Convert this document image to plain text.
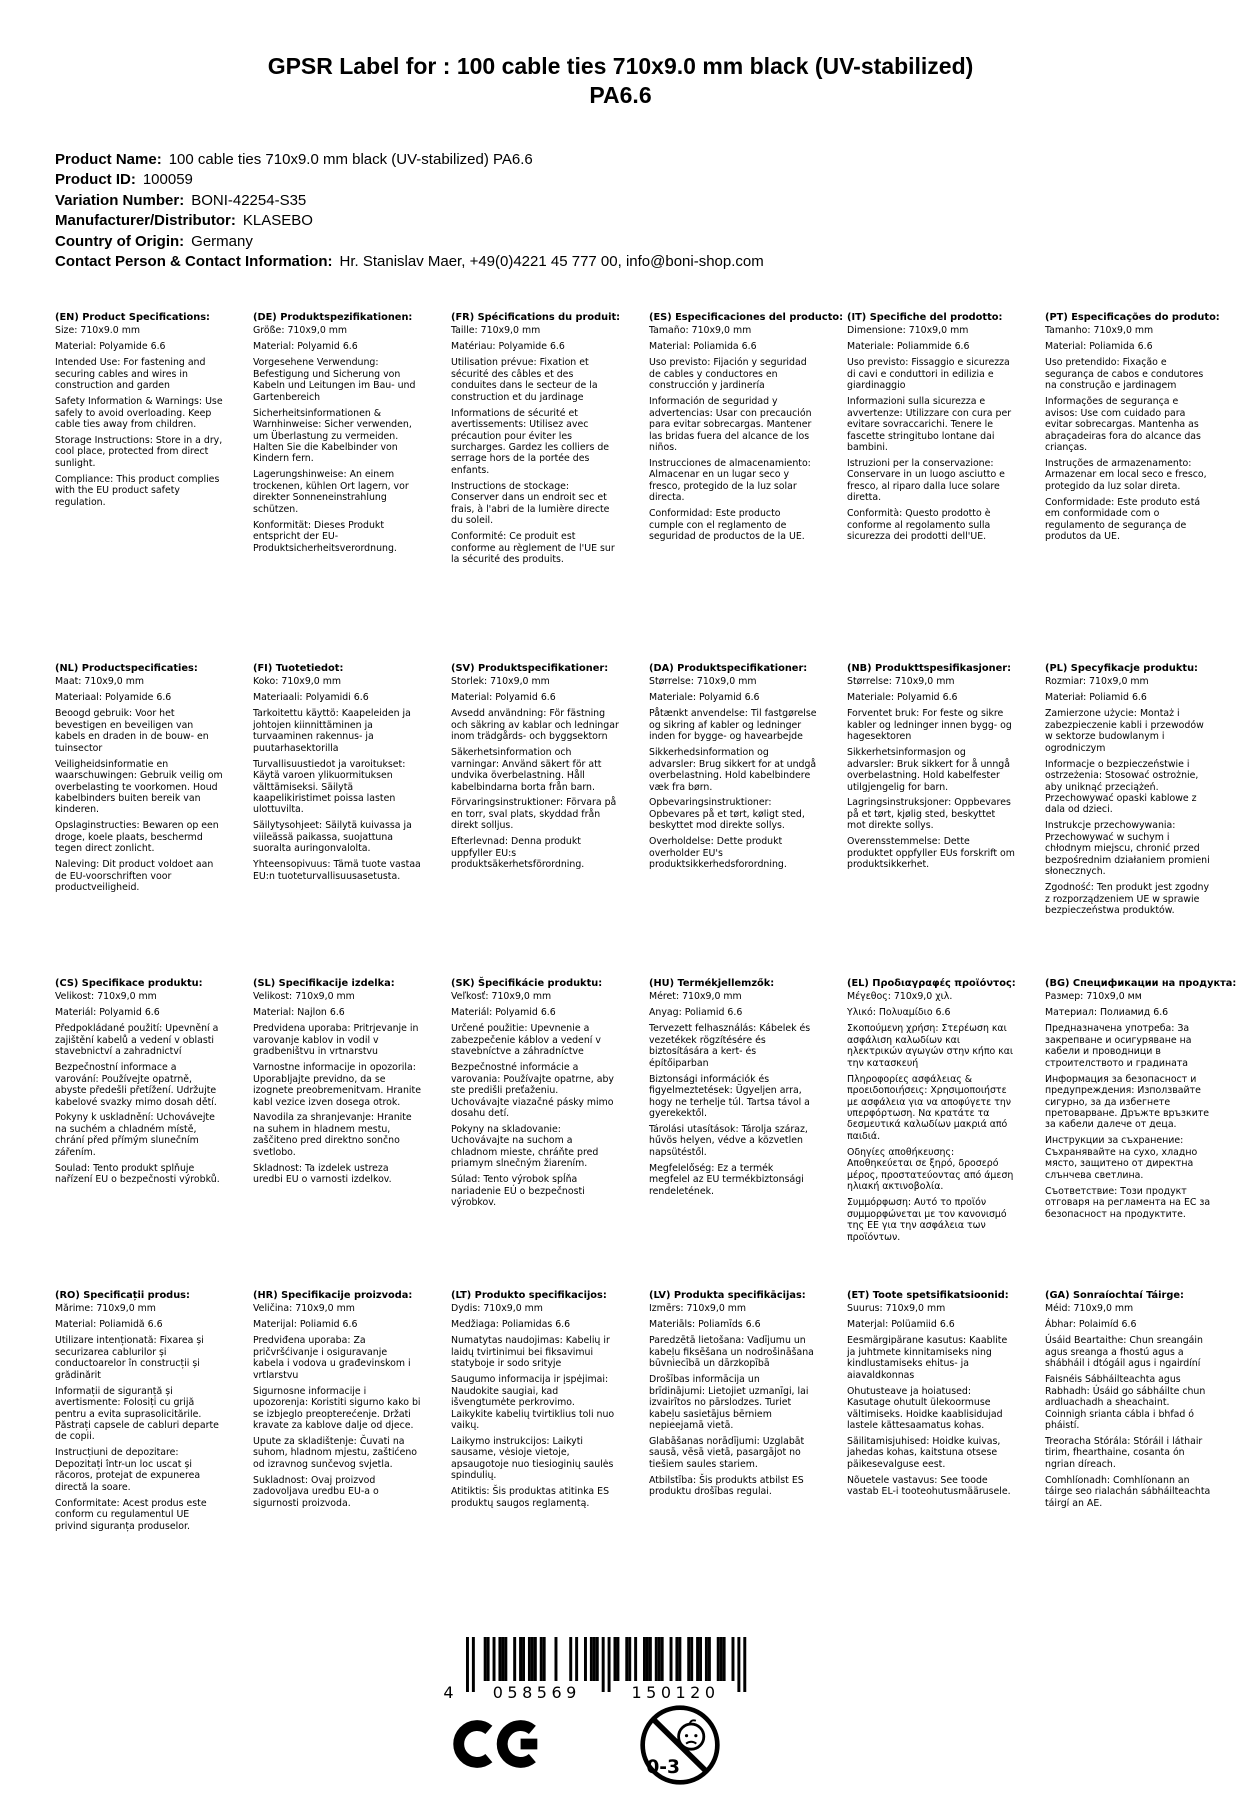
GPSR Label for : 100 cable ties 710x9.0 mm black (UV-stabilized)
PA6.6
Product Name: 100 cable ties 710x9.0 mm black (UV-stabilized) PA6.6
Product ID: 100059
Variation Number: BONI-42254-S35
Manufacturer/Distributor: KLASEBO
Country of Origin: Germany
Contact Person & Contact Information: Hr. Stanislav Maer, +49(0)4221 45 777 00, info@boni-shop.com
(EN) Product Specifications:

Size: 710x9.0 mm

Material: Polyamide 6.6

Intended Use: For fastening and securing cables and wires in construction and garden

Safety Information & Warnings: Use safely to avoid overloading. Keep cable ties away from children.

Storage Instructions: Store in a dry, cool place, protected from direct sunlight.

Compliance: This product complies with the EU product safety regulation.

(DE) Produktspezifikationen:

Größe: 710x9,0 mm

Material: Polyamid 6.6

Vorgesehene Verwendung: Befestigung und Sicherung von Kabeln und Leitungen im Bau- und Gartenbereich

Sicherheitsinformationen & Warnhinweise: Sicher verwenden, um Überlastung zu vermeiden. Halten Sie die Kabelbinder von Kindern fern.

Lagerungshinweise: An einem trockenen, kühlen Ort lagern, vor direkter Sonneneinstrahlung schützen.

Konformität: Dieses Produkt entspricht der EU-Produktsicherheitsverordnung.

(FR) Spécifications du produit:

Taille: 710x9,0 mm

Matériau: Polyamide 6.6

Utilisation prévue: Fixation et sécurité des câbles et des conduites dans le secteur de la construction et du jardinage

Informations de sécurité et avertissements: Utilisez avec précaution pour éviter les surcharges. Gardez les colliers de serrage hors de la portée des enfants.

Instructions de stockage: Conserver dans un endroit sec et frais, à l'abri de la lumière directe du soleil.

Conformité: Ce produit est conforme au règlement de l'UE sur la sécurité des produits.

(ES) Especificaciones del producto:

Tamaño: 710x9,0 mm

Material: Poliamida 6.6

Uso previsto: Fijación y seguridad de cables y conductores en construcción y jardinería

Información de seguridad y advertencias: Usar con precaución para evitar sobrecargas. Mantener las bridas fuera del alcance de los niños.

Instrucciones de almacenamiento: Almacenar en un lugar seco y fresco, protegido de la luz solar directa.

Conformidad: Este producto cumple con el reglamento de seguridad de productos de la UE.

(IT) Specifiche del prodotto:

Dimensione: 710x9,0 mm

Materiale: Poliammide 6.6

Uso previsto: Fissaggio e sicurezza di cavi e conduttori in edilizia e giardinaggio

Informazioni sulla sicurezza e avvertenze: Utilizzare con cura per evitare sovraccarichi. Tenere le fascette stringitubo lontane dai bambini.

Istruzioni per la conservazione: Conservare in un luogo asciutto e fresco, al riparo dalla luce solare diretta.

Conformità: Questo prodotto è conforme al regolamento sulla sicurezza dei prodotti dell'UE.

(PT) Especificações do produto:

Tamanho: 710x9,0 mm

Material: Poliamida 6.6

Uso pretendido: Fixação e segurança de cabos e condutores na construção e jardinagem

Informações de segurança e avisos: Use com cuidado para evitar sobrecargas. Mantenha as abraçadeiras fora do alcance das crianças.

Instruções de armazenamento: Armazenar em local seco e fresco, protegido da luz solar direta.

Conformidade: Este produto está em conformidade com o regulamento de segurança de produtos da UE.

(NL) Productspecificaties:

Maat: 710x9,0 mm

Materiaal: Polyamide 6.6

Beoogd gebruik: Voor het bevestigen en beveiligen van kabels en draden in de bouw- en tuinsector

Veiligheidsinformatie en waarschuwingen: Gebruik veilig om overbelasting te voorkomen. Houd kabelbinders buiten bereik van kinderen.

Opslaginstructies: Bewaren op een droge, koele plaats, beschermd tegen direct zonlicht.

Naleving: Dit product voldoet aan de EU-voorschriften voor productveiligheid.

(FI) Tuotetiedot:

Koko: 710x9,0 mm

Materiaali: Polyamidi 6.6

Tarkoitettu käyttö: Kaapeleiden ja johtojen kiinnittäminen ja turvaaminen rakennus- ja puutarhasektorilla

Turvallisuustiedot ja varoitukset: Käytä varoen ylikuormituksen välttämiseksi. Säilytä kaapelikiristimet poissa lasten ulottuvilta.

Säilytysohjeet: Säilytä kuivassa ja viileässä paikassa, suojattuna suoralta auringonvalolta.

Yhteensopivuus: Tämä tuote vastaa EU:n tuoteturvallisuusasetusta.

(SV) Produktspecifikationer:

Storlek: 710x9,0 mm

Material: Polyamid 6.6

Avsedd användning: För fästning och säkring av kablar och ledningar inom trädgårds- och byggsektorn

Säkerhetsinformation och varningar: Använd säkert för att undvika överbelastning. Håll kabelbindarna borta från barn.

Förvaringsinstruktioner: Förvara på en torr, sval plats, skyddad från direkt solljus.

Efterlevnad: Denna produkt uppfyller EU:s produktsäkerhetsförordning.

(DA) Produktspecifikationer:

Størrelse: 710x9,0 mm

Materiale: Polyamid 6.6

Påtænkt anvendelse: Til fastgørelse og sikring af kabler og ledninger inden for bygge- og havearbejde

Sikkerhedsinformation og advarsler: Brug sikkert for at undgå overbelastning. Hold kabelbindere væk fra børn.

Opbevaringsinstruktioner: Opbevares på et tørt, køligt sted, beskyttet mod direkte sollys.

Overholdelse: Dette produkt overholder EU's produktsikkerhedsforordning.

(NB) Produkttspesifikasjoner:

Størrelse: 710x9,0 mm

Materiale: Polyamid 6.6

Forventet bruk: For feste og sikre kabler og ledninger innen bygg- og hagesektoren

Sikkerhetsinformasjon og advarsler: Bruk sikkert for å unngå overbelastning. Hold kabelfester utilgjengelig for barn.

Lagringsinstruksjoner: Oppbevares på et tørt, kjølig sted, beskyttet mot direkte sollys.

Overensstemmelse: Dette produktet oppfyller EUs forskrift om produktsikkerhet.

(PL) Specyfikacje produktu:

Rozmiar: 710x9,0 mm

Materiał: Poliamid 6.6

Zamierzone użycie: Montaż i zabezpieczenie kabli i przewodów w sektorze budowlanym i ogrodniczym

Informacje o bezpieczeństwie i ostrzeżenia: Stosować ostrożnie, aby uniknąć przeciążeń. Przechowywać opaski kablowe z dala od dzieci.

Instrukcje przechowywania: Przechowywać w suchym i chłodnym miejscu, chronić przed bezpośrednim działaniem promieni słonecznych.

Zgodność: Ten produkt jest zgodny z rozporządzeniem UE w sprawie bezpieczeństwa produktów.

(CS) Specifikace produktu:

Velikost: 710x9,0 mm

Materiál: Polyamid 6.6

Předpokládané použití: Upevnění a zajištění kabelů a vedení v oblasti stavebnictví a zahradnictví

Bezpečnostní informace a varování: Používejte opatrně, abyste předešli přetížení. Udržujte kabelové svazky mimo dosah dětí.

Pokyny k uskladnění: Uchovávejte na suchém a chladném místě, chrání před přímým slunečním zářením.

Soulad: Tento produkt splňuje nařízení EU o bezpečnosti výrobků.

(SL) Specifikacije izdelka:

Velikost: 710x9,0 mm

Material: Najlon 6.6

Predvidena uporaba: Pritrjevanje in varovanje kablov in vodil v gradbeništvu in vrtnarstvu

Varnostne informacije in opozorila: Uporabljajte previdno, da se izognete preobremenitvam. Hranite kabl vezice izven dosega otrok.

Navodila za shranjevanje: Hranite na suhem in hladnem mestu, zaščiteno pred direktno sončno svetlobo.

Skladnost: Ta izdelek ustreza uredbi EU o varnosti izdelkov.

(SK) Špecifikácie produktu:

Veľkosť: 710x9,0 mm

Materiál: Polyamid 6.6

Určené použitie: Upevnenie a zabezpečenie káblov a vedení v stavebníctve a záhradníctve

Bezpečnostné informácie a varovania: Používajte opatrne, aby ste predišli preťaženiu. Uchovávajte viazačné pásky mimo dosahu detí.

Pokyny na skladovanie: Uchovávajte na suchom a chladnom mieste, chráňte pred priamym slnečným žiarením.

Súlad: Tento výrobok spĺňa nariadenie EÚ o bezpečnosti výrobkov.

(HU) Termékjellemzők:

Méret: 710x9,0 mm

Anyag: Poliamid 6.6

Tervezett felhasználás: Kábelek és vezetékek rögzítésére és biztosítására a kert- és építőiparban

Biztonsági információk és figyelmeztetések: Ügyeljen arra, hogy ne terhelje túl. Tartsa távol a gyerekektől.

Tárolási utasítások: Tárolja száraz, hűvös helyen, védve a közvetlen napsütéstől.

Megfelelőség: Ez a termék megfelel az EU termékbiztonsági rendeletének.

(EL) Προδιαγραφές προϊόντος:

Μέγεθος: 710x9,0 χιλ.

Υλικό: Πολυαμίδιο 6.6

Σκοπούμενη χρήση: Στερέωση και ασφάλιση καλωδίων και ηλεκτρικών αγωγών στην κήπο και την κατασκευή

Πληροφορίες ασφάλειας & προειδοποιήσεις: Χρησιμοποιήστε με ασφάλεια για να αποφύγετε την υπερφόρτωση. Να κρατάτε τα δεσμευτικά καλωδίων μακριά από παιδιά.

Οδηγίες αποθήκευσης: Αποθηκεύεται σε ξηρό, δροσερό μέρος, προστατεύοντας από άμεση ηλιακή ακτινοβολία.

Συμμόρφωση: Αυτό το προϊόν συμμορφώνεται με τον κανονισμό της ΕΕ για την ασφάλεια των προϊόντων.

(BG) Спецификации на продукта:

Размер: 710x9,0 мм

Материал: Полиамид 6.6

Предназначена употреба: За закрепване и осигуряване на кабели и проводници в строителството и градината

Информация за безопасност и предупреждения: Използвайте сигурно, за да избегнете претоварване. Дръжте връзките за кабели далече от деца.

Инструкции за съхранение: Съхранявайте на сухо, хладно място, защитено от директна слънчева светлина.

Съответствие: Този продукт отговаря на регламента на ЕС за безопасност на продуктите.

(RO) Specificații produs:

Mărime: 710x9,0 mm

Material: Poliamidă 6.6

Utilizare intenționată: Fixarea și securizarea cablurilor și conductoarelor în construcții și grădinărit

Informații de siguranță și avertismente: Folosiți cu grijă pentru a evita suprasolicitările. Păstrați capsele de cabluri departe de copii.

Instrucțiuni de depozitare: Depozitați într-un loc uscat și răcoros, protejat de expunerea directă la soare.

Conformitate: Acest produs este conform cu regulamentul UE privind siguranța produselor.

(HR) Specifikacije proizvoda:

Veličina: 710x9,0 mm

Materijal: Poliamid 6.6

Predviđena uporaba: Za pričvršćivanje i osiguravanje kabela i vodova u građevinskom i vrtlarstvu

Sigurnosne informacije i upozorenja: Koristiti sigurno kako bi se izbjeglo preopterećenje. Držati kravate za kablove dalje od djece.

Upute za skladištenje: Čuvati na suhom, hladnom mjestu, zaštićeno od izravnog sunčevog svjetla.

Sukladnost: Ovaj proizvod zadovoljava uredbu EU-a o sigurnosti proizvoda.

(LT) Produkto specifikacijos:

Dydis: 710x9,0 mm

Medžiaga: Poliamidas 6.6

Numatytas naudojimas: Kabelių ir laidų tvirtinimui bei fiksavimui statyboje ir sodo srityje

Saugumo informacija ir įspėjimai: Naudokite saugiai, kad išvengtumėte perkrovimo. Laikykite kabelių tvirtiklius toli nuo vaikų.

Laikymo instrukcijos: Laikyti sausame, vėsioje vietoje, apsaugotoje nuo tiesioginių saulės spindulių.

Atitiktis: Šis produktas atitinka ES produktų saugos reglamentą.

(LV) Produkta specifikācijas:

Izmērs: 710x9,0 mm

Materiāls: Poliamīds 6.6

Paredzētā lietošana: Vadījumu un kabeļu fiksēšana un nodrošināšana būvniecībā un dārzkopībā

Drošības informācija un brīdinājumi: Lietojiet uzmanīgi, lai izvairītos no pārslodzes. Turiet kabeļu sasietājus bērniem nepieejamā vietā.

Glabāšanas norādījumi: Uzglabāt sausā, vēsā vietā, pasargājot no tiešiem saules stariem.

Atbilstība: Šis produkts atbilst ES produktu drošības regulai.

(ET) Toote spetsifikatsioonid:

Suurus: 710x9,0 mm

Materjal: Polüamiid 6.6

Eesmärgipärane kasutus: Kaablite ja juhtmete kinnitamiseks ning kindlustamiseks ehitus- ja aiavaldkonnas

Ohutusteave ja hoiatused: Kasutage ohutult ülekoormuse vältimiseks. Hoidke kaablisidujad lastele kättesaamatus kohas.

Säilitamisjuhised: Hoidke kuivas, jahedas kohas, kaitstuna otsese päikesevalguse eest.

Nõuetele vastavus: See toode vastab EL-i tooteohutusmäärusele.

(GA) Sonraíochtaí Táirge:

Méid: 710x9,0 mm

Ábhar: Polaimíd 6.6

Úsáid Beartaithe: Chun sreangáin agus sreanga a fhostú agus a shábháil i dtógáil agus i ngairdíní

Faisnéis Sábháilteachta agus Rabhadh: Úsáid go sábháilte chun ardluachadh a sheachaint. Coinnigh srianta cábla i bhfad ó pháistí.

Treoracha Stórála: Stóráil i láthair tirim, fhearthaine, cosanta ón ngrian díreach.

Comhlíonadh: Comhlíonann an táirge seo rialachán sábháilteachta táirgí an AE.

4 058569	150120
0-3
